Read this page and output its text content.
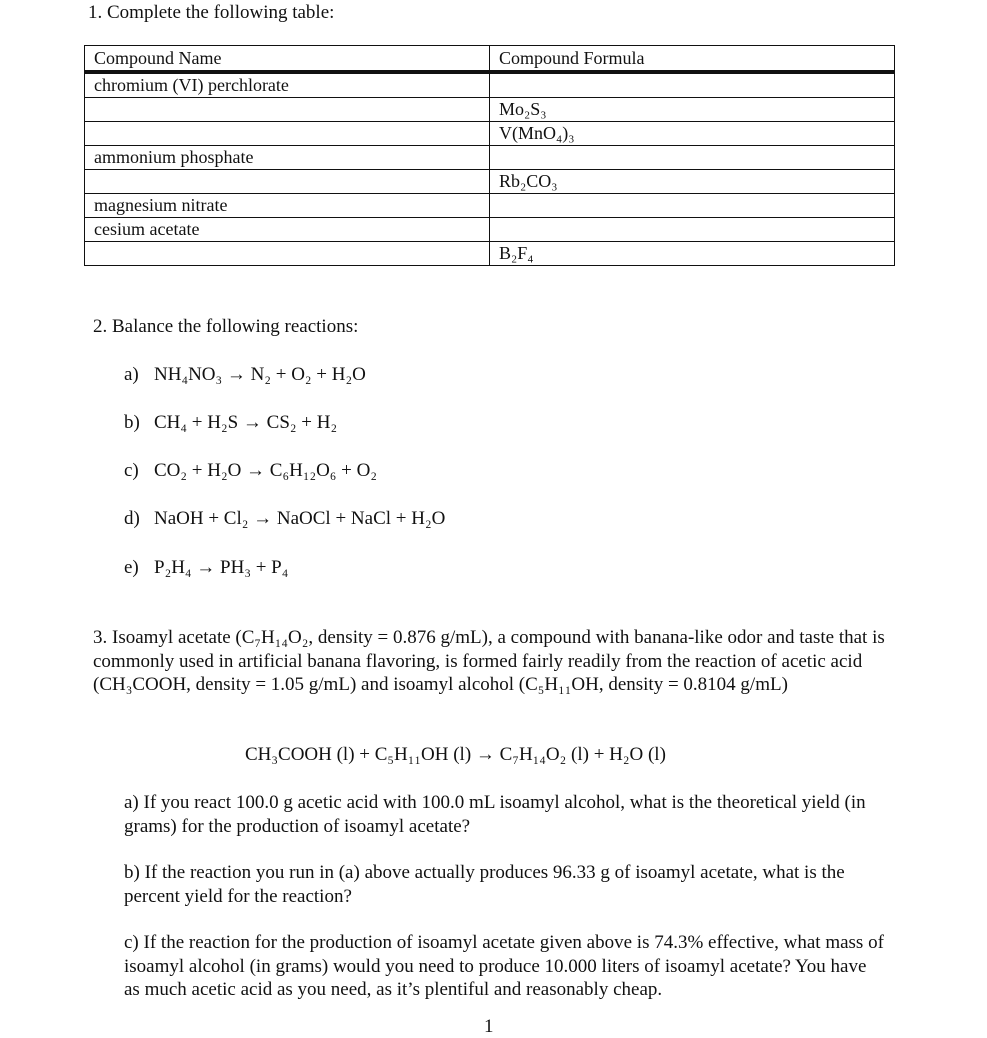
1. Complete the following table:
Compound Name	Compound Formula
chromium (VI) perchlorate	
	Mo₂S₃
	V(MnO₄)₃
ammonium phosphate	
	Rb₂CO₃
magnesium nitrate	
cesium acetate	
	B₂F₄
2. Balance the following reactions:
a) NH₄NO₃ → N₂ + O₂ + H₂O
b) CH₄ + H₂S → CS₂ + H₂
c) CO₂ + H₂O → C₆H₁₂O₆ + O₂
d) NaOH + Cl₂ → NaOCl + NaCl + H₂O
e) P₂H₄ → PH₃ + P₄
3. Isoamyl acetate (C₇H₁₄O₂, density = 0.876 g/mL), a compound with banana-like odor and taste that is commonly used in artificial banana flavoring, is formed fairly readily from the reaction of acetic acid (CH₃COOH, density = 1.05 g/mL) and isoamyl alcohol (C₅H₁₁OH, density = 0.8104 g/mL)
CH₃COOH (l) + C₅H₁₁OH (l) → C₇H₁₄O₂ (l) + H₂O (l)
a) If you react 100.0 g acetic acid with 100.0 mL isoamyl alcohol, what is the theoretical yield (in grams) for the production of isoamyl acetate?
b) If the reaction you run in (a) above actually produces 96.33 g of isoamyl acetate, what is the percent yield for the reaction?
c) If the reaction for the production of isoamyl acetate given above is 74.3% effective, what mass of isoamyl alcohol (in grams) would you need to produce 10.000 liters of isoamyl acetate? You have as much acetic acid as you need, as it’s plentiful and reasonably cheap.
1
